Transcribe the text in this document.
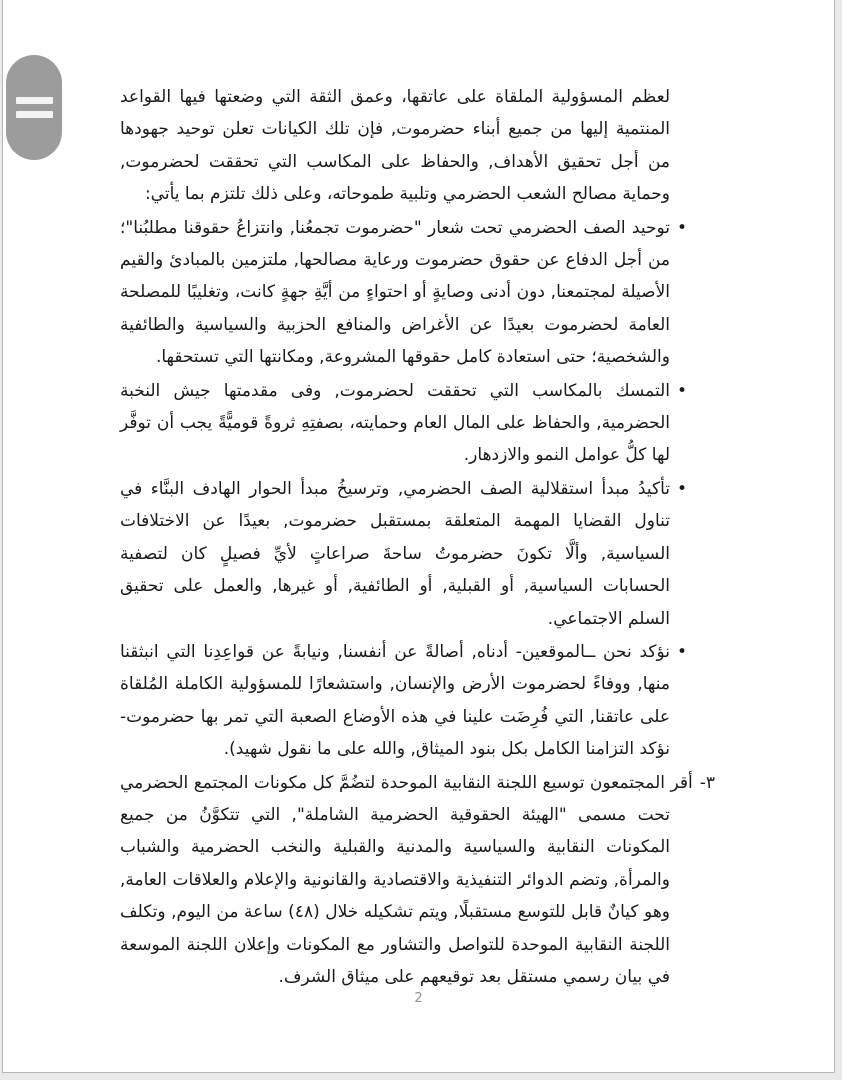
لعظم المسؤولية الملقاة على عاتقها، وعمق الثقة التي وضعتها فيها القواعد المنتمية إليها من جميع أبناء حضرموت, فإن تلك الكيانات تعلن توحيد جهودها من أجل تحقيق الأهداف, والحفاظ على المكاسب التي تحققت لحضرموت, وحماية مصالح الشعب الحضرمي وتلبية طموحاته، وعلى ذلك تلتزم بما يأتي:

•
توحيد الصف الحضرمي تحت شعار "حضرموت تجمعُنا, وانتزاعُ حقوقنا مطلبُنا"؛ من أجل الدفاع عن حقوق حضرموت ورعاية مصالحها, ملتزمين بالمبادئ والقيم الأصيلة لمجتمعنا, دون أدنى وصايةٍ أو احتواءٍ من أيَّةِ جهةٍ كانت، وتغليبًا للمصلحة العامة لحضرموت بعيدًا عن الأغراض والمنافع الحزبية والسياسية والطائفية والشخصية؛ حتى استعادة كامل حقوقها المشروعة, ومكانتها التي تستحقها.
•
التمسك بالمكاسب التي تحققت لحضرموت, وفى مقدمتها جيش النخبة الحضرمية, والحفاظ على المال العام وحمايته، بصفتِهِ ثروةً قوميًّةً يجب أن توفَّر لها كلُّ عوامل النمو والازدهار.
•
تأكيدُ مبدأ استقلالية الصف الحضرمي, وترسيخُ مبدأ الحوار الهادف البنَّاء في تناول القضايا المهمة المتعلقة بمستقبل حضرموت, بعيدًا عن الاختلافات السياسية, وألَّا تكونَ حضرموتُ ساحةَ صراعاتٍ لأيِّ فصيلٍ كان لتصفية الحسابات السياسية, أو القبلية, أو الطائفية, أو غيرها, والعمل على تحقيق السلم الاجتماعي.
•
نؤكد نحن ــالموقعين- أدناه, أصالةً عن أنفسنا, ونيابةً عن قواعِدِنا التي انبثقنا منها, ووفاءً لحضرموت الأرض والإنسان, واستشعارًا للمسؤولية الكاملة المُلقاة على عاتقنا, التي فُرِضَت علينا في هذه الأوضاع الصعبة التي تمر بها حضرموت- نؤكد التزامنا الكامل بكل بنود الميثاق, والله على ما نقول شهيد).
٣-أقر المجتمعون توسيع اللجنة النقابية الموحدة لتضُمَّ كل مكونات المجتمع الحضرمي تحت مسمى "الهيئة الحقوقية الحضرمية الشاملة", التي تتكوَّنُ من جميع المكونات النقابية والسياسية والمدنية والقبلية والنخب الحضرمية والشباب والمرأة, وتضم الدوائر التنفيذية والاقتصادية والقانونية والإعلام والعلاقات العامة, وهو كيانٌ قابل للتوسع مستقبلًا, ويتم تشكيله خلال (٤٨) ساعة من اليوم, وتكلف اللجنة النقابية الموحدة للتواصل والتشاور مع المكونات وإعلان اللجنة الموسعة في بيان رسمي مستقل بعد توقيعهم على ميثاق الشرف.
2
